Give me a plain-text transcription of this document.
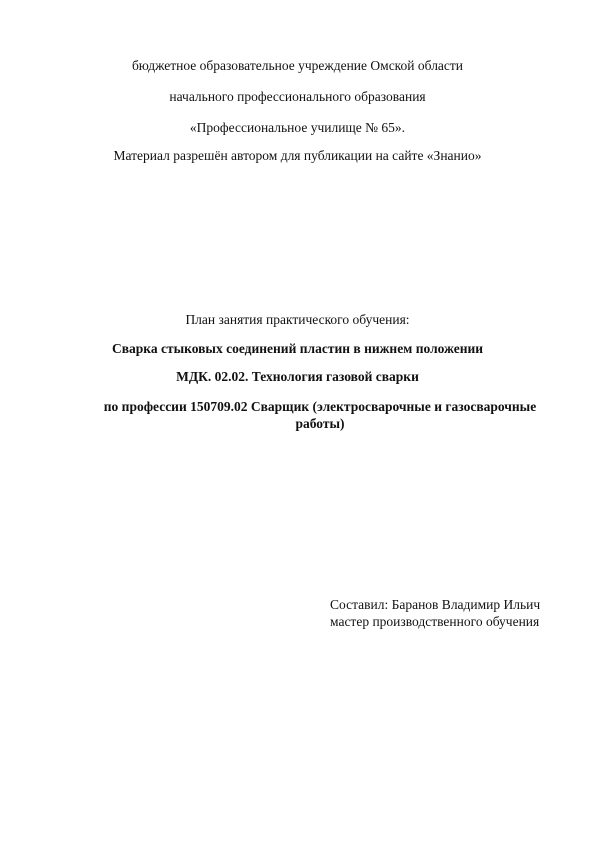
бюджетное образовательное учреждение Омской области
начального профессионального образования
«Профессиональное училище № 65».
Материал разрешён автором для публикации на сайте «Знанио»
План занятия практического обучения:
Сварка стыковых соединений пластин в нижнем положении
МДК. 02.02. Технология газовой сварки
по профессии 150709.02 Сварщик (электросварочные и газосварочные работы)
Составил: Баранов Владимир Ильич
мастер производственного обучения
